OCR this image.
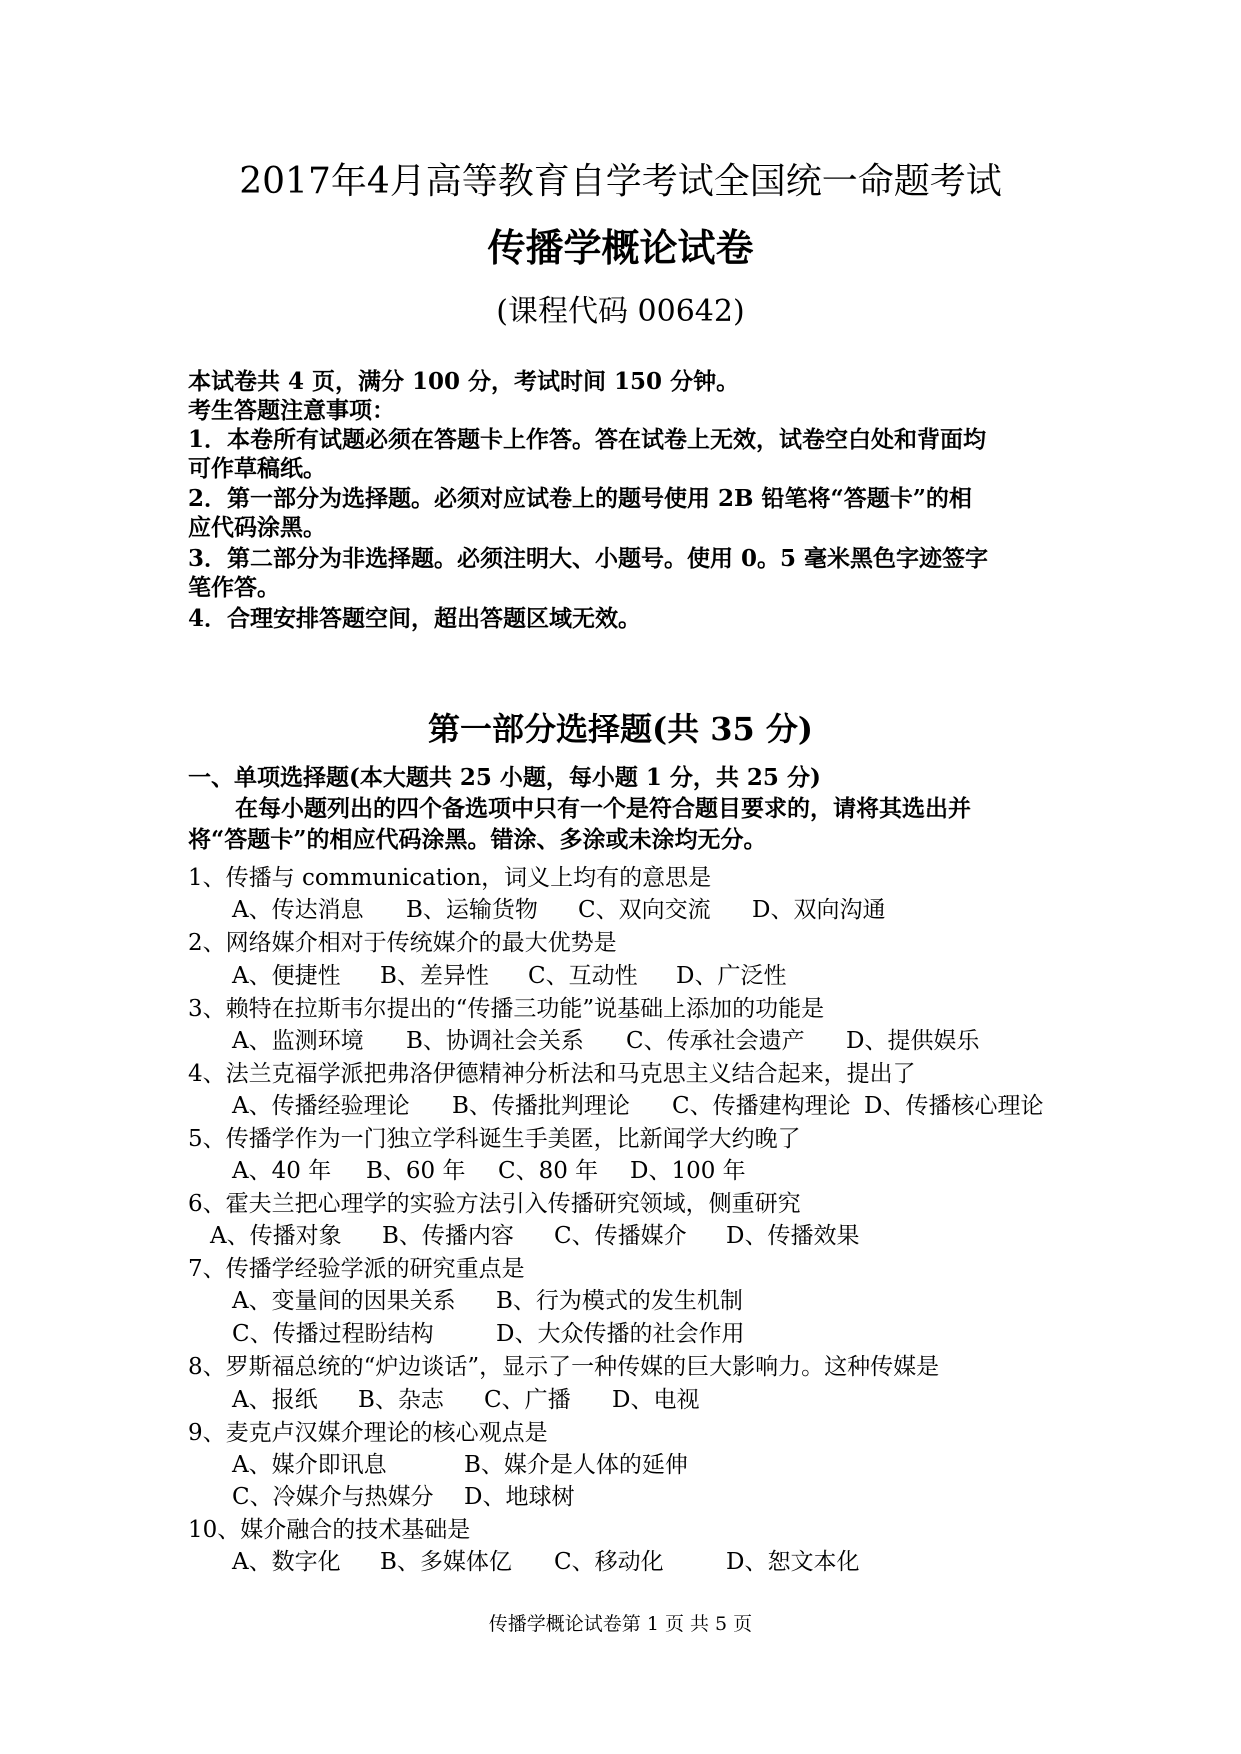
2017年4月高等教育自学考试全国统一命题考试
传播学概论试卷
(课程代码 00642)
本试卷共 4 页，满分 100 分，考试时间 150 分钟。
考生答题注意事项：
1．本卷所有试题必须在答题卡上作答。答在试卷上无效，试卷空白处和背面均
可作草稿纸。
2．第一部分为选择题。必须对应试卷上的题号使用 2B 铅笔将“答题卡”的相
应代码涂黑。
3．第二部分为非选择题。必须注明大、小题号。使用 0。5 毫米黑色字迹签字
笔作答。
4．合理安排答题空间，超出答题区域无效。
第一部分选择题(共 35 分)
一、单项选择题(本大题共 25 小题，每小题 1 分，共 25 分)
在每小题列出的四个备选项中只有一个是符合题目要求的，请将其选出并
将“答题卡”的相应代码涂黑。错涂、多涂或未涂均无分。
1、传播与 communication，词义上均有的意思是
A、传达消息 B、运输货物 C、双向交流 D、双向沟通
2、网络媒介相对于传统媒介的最大优势是
A、便捷性 B、差异性 C、互动性 D、广泛性
3、赖特在拉斯韦尔提出的“传播三功能”说基础上添加的功能是
A、监测环境 B、协调社会关系 C、传承社会遗产 D、提供娱乐
4、法兰克福学派把弗洛伊德精神分析法和马克思主义结合起来，提出了
A、传播经验理论 B、传播批判理论 C、传播建构理论 D、传播核心理论
5、传播学作为一门独立学科诞生手美匿，比新闻学大约晚了
A、40 年 B、60 年 C、80 年 D、100 年
6、霍夫兰把心理学的实验方法引入传播研究领域，侧重研究
A、传播对象 B、传播内容 C、传播媒介 D、传播效果
7、传播学经验学派的研究重点是
A、变量间的因果关系 B、行为模式的发生机制
C、传播过程盼结构	D、大众传播的社会作用
8、罗斯福总统的“炉边谈话”，显示了一种传媒的巨大影响力。这种传媒是
A、报纸 B、杂志 C、广播 D、电视
9、麦克卢汉媒介理论的核心观点是
A、媒介即讯息	B、媒介是人体的延伸
C、冷媒介与热媒分 D、地球树
10、媒介融合的技术基础是
A、数字化 B、多媒体亿 C、移动化	D、恕文本化
传播学概论试卷第 1 页 共 5 页
